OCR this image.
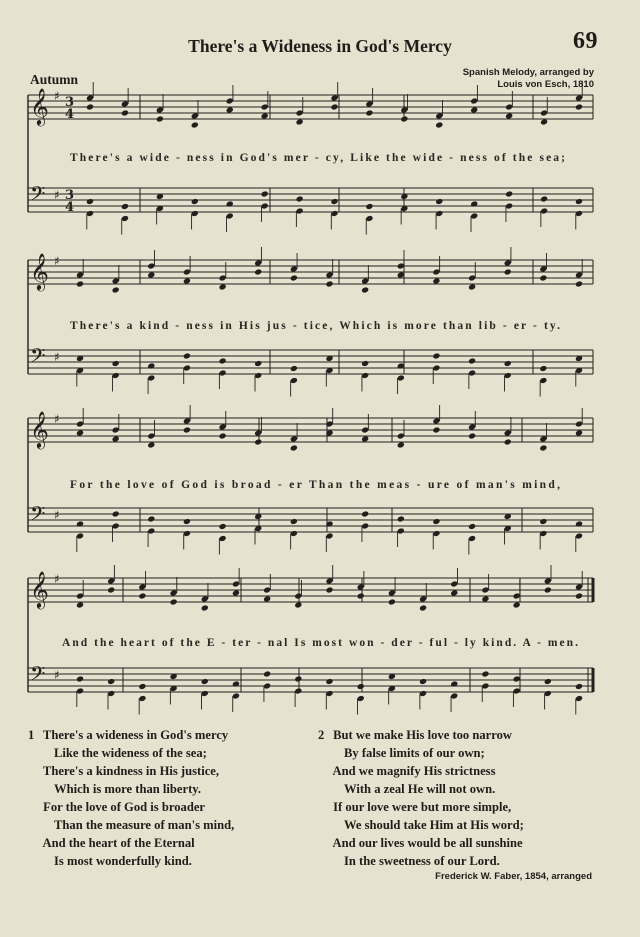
69
There's a Wideness in God's Mercy
Autumn	Spanish Melody, arranged by
Louis von Esch, 1810
𝄞
𝄢
♯
♯
3
3
4
4
𝄞
𝄢
♯
♯
𝄞
𝄢
♯
♯
𝄞
𝄢
♯
♯
There's a wide - ness in God's mer - cy, Like the wide - ness of the sea;
There's a kind - ness in His jus - tice, Which is more than lib - er - ty.
For the love of God is broad - er Than the meas - ure of man's mind,
And the heart of the E - ter - nal Is most won - der - ful - ly kind. A - men.
1 There's a wideness in God's mercy
Like the wideness of the sea;
There's a kindness in His justice,
Which is more than liberty.
For the love of God is broader
Than the measure of man's mind,
And the heart of the Eternal
Is most wonderfully kind.
2 But we make His love too narrow
By false limits of our own;
And we magnify His strictness
With a zeal He will not own.
If our love were but more simple,
We should take Him at His word;
And our lives would be all sunshine
In the sweetness of our Lord.
Frederick W. Faber, 1854, arranged
